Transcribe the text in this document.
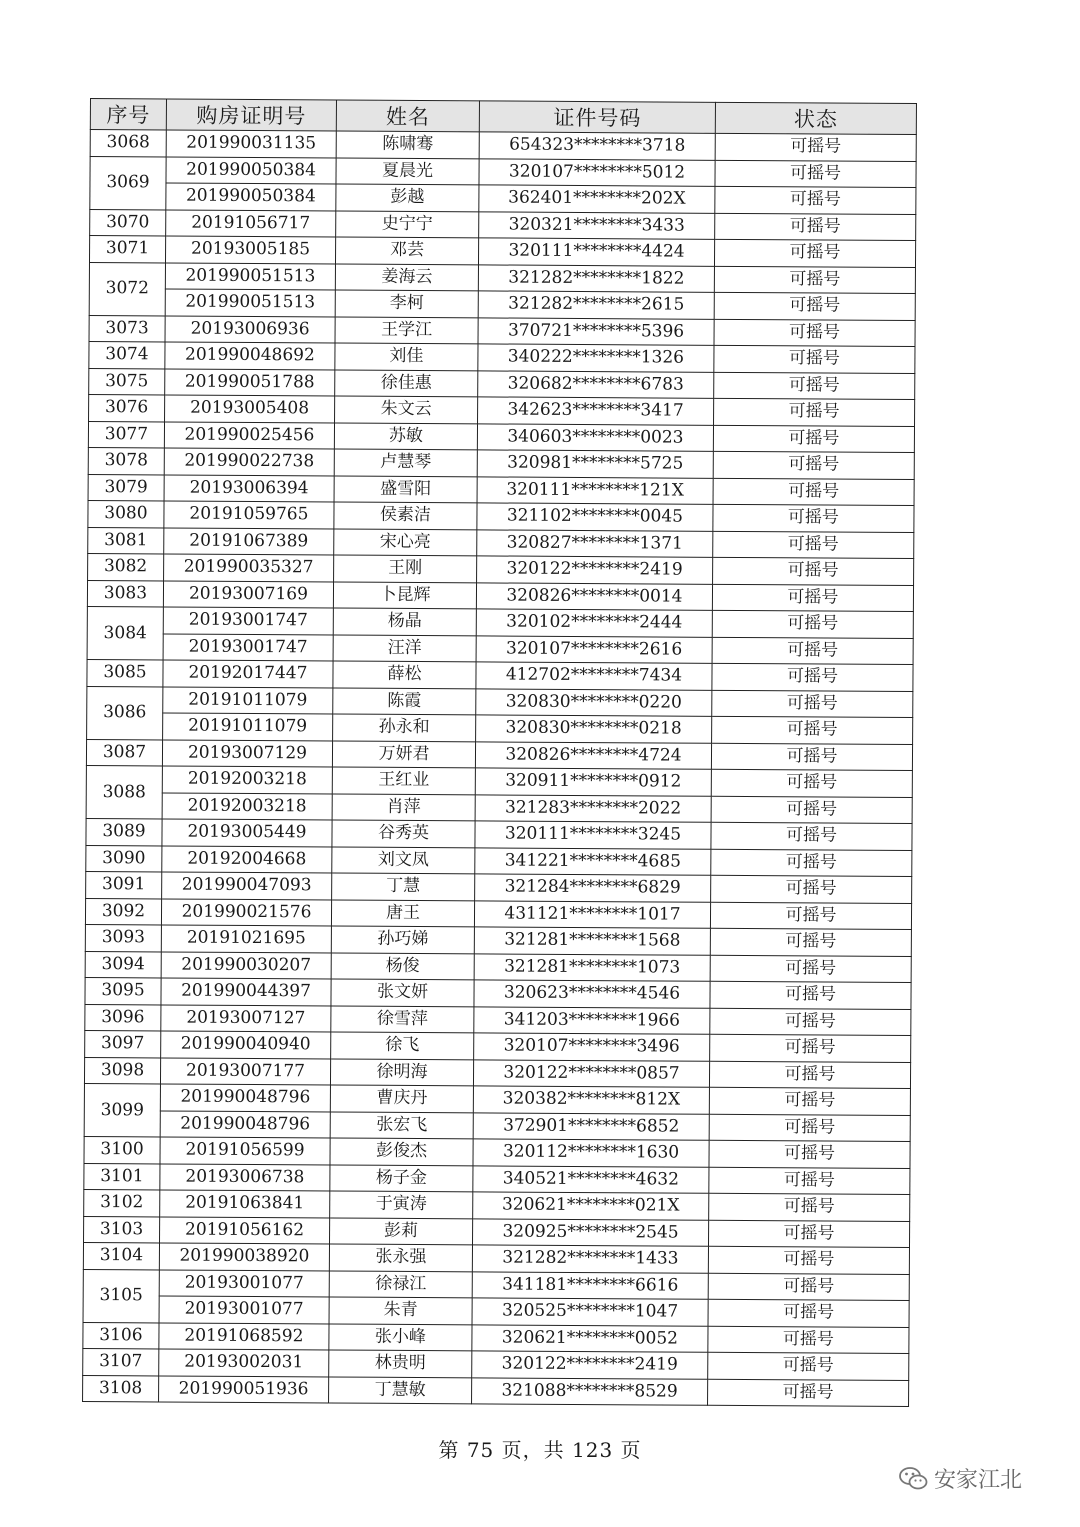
序号	购房证明号	姓名	证件号码	状态
3068	201990031135	陈啸骞	654323********3718	可摇号
3069	201990050384	夏晨光	320107********5012	可摇号
	201990050384	彭越	362401********202X	可摇号
3070	20191056717	史宁宁	320321********3433	可摇号
3071	20193005185	邓芸	320111********4424	可摇号
3072	201990051513	姜海云	321282********1822	可摇号
	201990051513	李柯	321282********2615	可摇号
3073	20193006936	王学江	370721********5396	可摇号
3074	201990048692	刘佳	340222********1326	可摇号
3075	201990051788	徐佳惠	320682********6783	可摇号
3076	20193005408	朱文云	342623********3417	可摇号
3077	201990025456	苏敏	340603********0023	可摇号
3078	201990022738	卢慧琴	320981********5725	可摇号
3079	20193006394	盛雪阳	320111********121X	可摇号
3080	20191059765	侯素洁	321102********0045	可摇号
3081	20191067389	宋心亮	320827********1371	可摇号
3082	201990035327	王刚	320122********2419	可摇号
3083	20193007169	卜昆辉	320826********0014	可摇号
3084	20193001747	杨晶	320102********2444	可摇号
	20193001747	汪洋	320107********2616	可摇号
3085	20192017447	薛松	412702********7434	可摇号
3086	20191011079	陈霞	320830********0220	可摇号
	20191011079	孙永和	320830********0218	可摇号
3087	20193007129	万妍君	320826********4724	可摇号
3088	20192003218	王红业	320911********0912	可摇号
	20192003218	肖萍	321283********2022	可摇号
3089	20193005449	谷秀英	320111********3245	可摇号
3090	20192004668	刘文凤	341221********4685	可摇号
3091	201990047093	丁慧	321284********6829	可摇号
3092	201990021576	唐王	431121********1017	可摇号
3093	20191021695	孙巧娣	321281********1568	可摇号
3094	201990030207	杨俊	321281********1073	可摇号
3095	201990044397	张文妍	320623********4546	可摇号
3096	20193007127	徐雪萍	341203********1966	可摇号
3097	201990040940	徐飞	320107********3496	可摇号
3098	20193007177	徐明海	320122********0857	可摇号
3099	201990048796	曹庆丹	320382********812X	可摇号
	201990048796	张宏飞	372901********6852	可摇号
3100	20191056599	彭俊杰	320112********1630	可摇号
3101	20193006738	杨子金	340521********4632	可摇号
3102	20191063841	于寅涛	320621********021X	可摇号
3103	20191056162	彭莉	320925********2545	可摇号
3104	201990038920	张永强	321282********1433	可摇号
3105	20193001077	徐禄江	341181********6616	可摇号
	20193001077	朱青	320525********1047	可摇号
3106	20191068592	张小峰	320621********0052	可摇号
3107	20193002031	林贵明	320122********2419	可摇号
3108	201990051936	丁慧敏	321088********8529	可摇号
第 75 页，共 123 页
安家江北
